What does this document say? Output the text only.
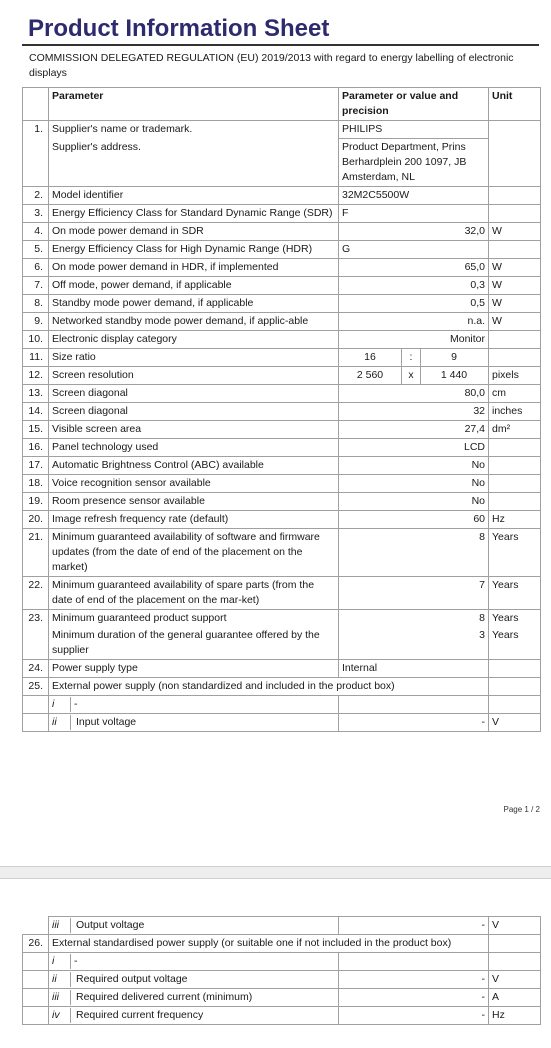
Product Information Sheet
COMMISSION DELEGATED REGULATION (EU) 2019/2013 with regard to energy labelling of electronic displays
	Parameter	Parameter or value and precision	Unit
1.	Supplier's name or trademark.	PHILIPS	
	Supplier's address.	Product Department, Prins Berhardplein 200 1097, JB Amsterdam, NL	
2.	Model identifier	32M2C5500W	
3.	Energy Efficiency Class for Standard Dynamic Range (SDR)	F	
4.	On mode power demand in SDR	32,0	W
5.	Energy Efficiency Class for High Dynamic Range (HDR)	G	
6.	On mode power demand in HDR, if implemented	65,0	W
7.	Off mode, power demand, if applicable	0,3	W
8.	Standby mode power demand, if applicable	0,5	W
9.	Networked standby mode power demand, if applic-able	n.a.	W
10.	Electronic display category	Monitor	
11.	Size ratio	16 : 9	

12.	Screen resolution	2 560 x 1 440	pixels
13.	Screen diagonal	80,0	cm
14.	Screen diagonal	32	inches
15.	Visible screen area	27,4	dm²
16.	Panel technology used	LCD	
17.	Automatic Brightness Control (ABC) available	No	
18.	Voice recognition sensor available	No	
19.	Room presence sensor available	No	
20.	Image refresh frequency rate (default)	60	Hz
21.	Minimum guaranteed availability of software and firmware updates (from the date of end of the placement on the market)	8	Years
22.	Minimum guaranteed availability of spare parts (from the date of end of the placement on the mar-ket)	7	Years
23.	Minimum guaranteed product support	8	Years
	Minimum duration of the general guarantee offered by the supplier	3	Years
24.	Power supply type	Internal	
25.	External power supply (non standardized and included in the product box)		

	i -		

	ii Input voltage	-	V
Page 1 / 2

	iii Output voltage	-	V
26.	External standardised power supply (or suitable one if not included in the product box)		

	i -		

	ii Required output voltage	-	V

	iii Required delivered current (minimum)	-	A

	iv Required current frequency	-	Hz
